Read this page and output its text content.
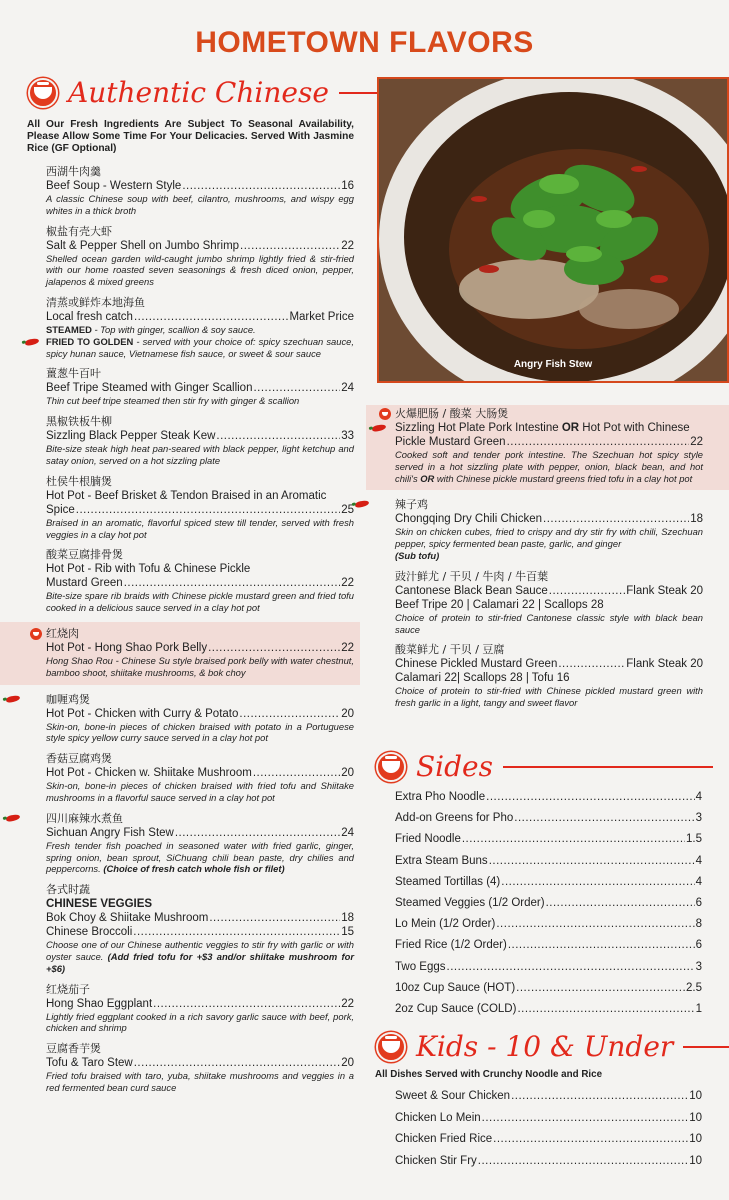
HOMETOWN FLAVORS
Authentic Chinese
All Our Fresh Ingredients Are Subject To Seasonal Availability, Please Allow Some Time For Your Delicacies. Served With Jasmine Rice (GF Optional)
西湖牛肉羹
Beef Soup - Western Style .....	16
A classic Chinese soup with beef, cilantro, mushrooms, and wispy egg whites in a thick broth
椒盐有壳大虾
Salt & Pepper Shell on Jumbo Shrimp .....	22
Shelled ocean garden wild-caught jumbo shrimp lightly fried & stir-fried with our home roasted seven seasonings & fresh diced onion, pepper, jalapenos & mixed greens
清蒸或鲜炸本地海鱼
Local fresh catch .....	Market Price
STEAMED - Top with ginger, scallion & soy sauce.
FRIED TO GOLDEN - served with your choice of: spicy szechuan sauce, spicy hunan sauce, Vietnamese fish sauce, or sweet & sour sauce
薑葱牛百叶
Beef Tripe Steamed with Ginger Scallion .....	24
Thin cut beef tripe steamed then stir fry with ginger & scallion
黑椒铁板牛柳
Sizzling Black Pepper Steak Kew .....	33
Bite-size steak high heat pan-seared with black pepper, light ketchup and satay onion, served on a hot sizzling plate
杜侯牛根腩煲
Hot Pot - Beef Brisket & Tendon Braised in an Aromatic
Spice .....	25
Braised in an aromatic, flavorful spiced stew till tender, served with fresh veggies in a clay hot pot
酸菜豆腐排骨煲
Hot Pot - Rib with Tofu & Chinese Pickle
Mustard Green .....	22
Bite-size spare rib braids with Chinese pickle mustard green and fried tofu cooked in a delicious sauce served in a clay hot pot
红烧肉
Hot Pot - Hong Shao Pork Belly .....	22
Hong Shao Rou - Chinese Su style braised pork belly with water chestnut, bamboo shoot, shiitake mushrooms, & bok choy
咖喱鸡煲
Hot Pot - Chicken with Curry & Potato .....	20
Skin-on, bone-in pieces of chicken braised with potato in a Portuguese style spicy yellow curry sauce served in a clay hot pot
香菇豆腐鸡煲
Hot Pot - Chicken w. Shiitake Mushroom .....	20
Skin-on, bone-in pieces of chicken braised with fried tofu and Shiitake mushrooms in a flavorful sauce served in a clay hot pot
四川麻辣水煮鱼
Sichuan Angry Fish Stew .....	24
Fresh tender fish poached in seasoned water with fried garlic, ginger, spring onion, bean sprout, SiChuang chili bean paste, dry chilies and peppercorns. (Choice of fresh catch whole fish or filet)
各式时蔬
CHINESE VEGGIES
Bok Choy & Shiitake Mushroom .....	18
Chinese Broccoli .....	15
Choose one of our Chinese authentic veggies to stir fry with garlic or with oyster sauce. (Add fried tofu for +$3 and/or shiitake mushroom for +$6)
红烧茄子
Hong Shao Eggplant .....	22
Lightly fried eggplant cooked in a rich savory garlic sauce with beef, pork, chicken and shrimp
豆腐香芋煲
Tofu & Taro Stew .....	20
Fried tofu braised with taro, yuba, shiitake mushrooms and veggies in a red fermented bean curd sauce
Angry Fish Stew
火爆肥肠 / 酸菜 大肠煲
Sizzling Hot Plate Pork Intestine OR Hot Pot with Chinese
Pickle Mustard Green .....	22
Cooked soft and tender pork intestine. The Szechuan hot spicy style served in a hot sizzling plate with pepper, onion, black bean, and hot chili's OR with Chinese pickle mustard greens fried tofu in a clay hot pot
辣子鸡
Chongqing Dry Chili Chicken .....	18
Skin on chicken cubes, fried to crispy and dry stir fry with chili, Szechuan pepper, spicy fermented bean paste, garlic, and ginger
(Sub tofu)
豉汁鲜尤 / 干贝 / 牛肉 / 牛百葉
Cantonese Black Bean Sauce .....	Flank Steak 20
Beef Tripe 20 | Calamari 22 | Scallops 28
Choice of protein to stir-fried Cantonese classic style with black bean sauce
酸菜鲜尤 / 干贝 / 豆腐
Chinese Pickled Mustard Green .....	Flank Steak 20
Calamari 22| Scallops 28 | Tofu 16
Choice of protein to stir-fried with Chinese pickled mustard green with fresh garlic in a light, tangy and sweet flavor
Sides
Extra Pho Noodle .....	4
Add-on Greens for Pho .....	3
Fried Noodle .....	1.5
Extra Steam Buns .....	4
Steamed Tortillas (4) .....	4
Steamed Veggies (1/2 Order) .....	6
Lo Mein (1/2 Order) .....	8
Fried Rice (1/2 Order) .....	6
Two Eggs .....	3
10oz Cup Sauce (HOT) .....	2.5
2oz Cup Sauce (COLD) .....	1
Kids - 10 & Under
All Dishes Served with Crunchy Noodle and Rice
Sweet & Sour Chicken .....	10
Chicken Lo Mein .....	10
Chicken Fried Rice .....	10
Chicken Stir Fry .....	10
